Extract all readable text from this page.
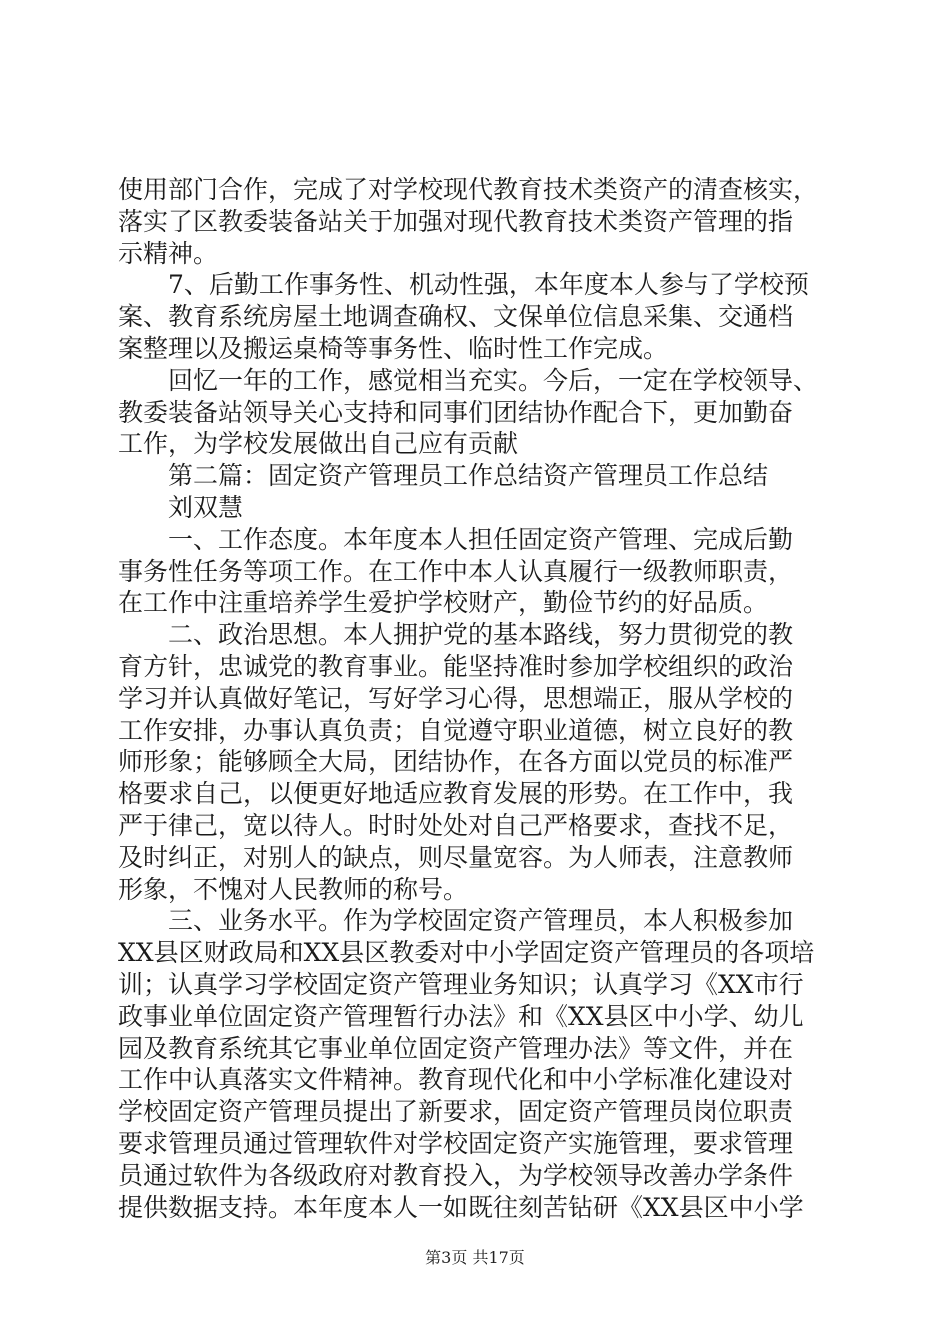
使用部门合作，完成了对学校现代教育技术类资产的清查核实，
落实了区教委装备站关于加强对现代教育技术类资产管理的指
示精神。
7、后勤工作事务性、机动性强，本年度本人参与了学校预
案、教育系统房屋土地调查确权、文保单位信息采集、交通档
案整理以及搬运桌椅等事务性、临时性工作完成。
回忆一年的工作，感觉相当充实。今后，一定在学校领导、
教委装备站领导关心支持和同事们团结协作配合下，更加勤奋
工作，为学校发展做出自己应有贡献
第二篇：固定资产管理员工作总结资产管理员工作总结
刘双慧
一、工作态度。本年度本人担任固定资产管理、完成后勤
事务性任务等项工作。在工作中本人认真履行一级教师职责，
在工作中注重培养学生爱护学校财产，勤俭节约的好品质。
二、政治思想。本人拥护党的基本路线，努力贯彻党的教
育方针，忠诚党的教育事业。能坚持准时参加学校组织的政治
学习并认真做好笔记，写好学习心得，思想端正，服从学校的
工作安排，办事认真负责；自觉遵守职业道德，树立良好的教
师形象；能够顾全大局，团结协作，在各方面以党员的标准严
格要求自己，以便更好地适应教育发展的形势。在工作中，我
严于律己，宽以待人。时时处处对自己严格要求，查找不足，
及时纠正，对别人的缺点，则尽量宽容。为人师表，注意教师
形象，不愧对人民教师的称号。
三、业务水平。作为学校固定资产管理员，本人积极参加
XX县区财政局和XX县区教委对中小学固定资产管理员的各项培
训；认真学习学校固定资产管理业务知识；认真学习《XX市行
政事业单位固定资产管理暂行办法》和《XX县区中小学、幼儿
园及教育系统其它事业单位固定资产管理办法》等文件，并在
工作中认真落实文件精神。教育现代化和中小学标准化建设对
学校固定资产管理员提出了新要求，固定资产管理员岗位职责
要求管理员通过管理软件对学校固定资产实施管理，要求管理
员通过软件为各级政府对教育投入，为学校领导改善办学条件
提供数据支持。本年度本人一如既往刻苦钻研《XX县区中小学
第3页 共17页
